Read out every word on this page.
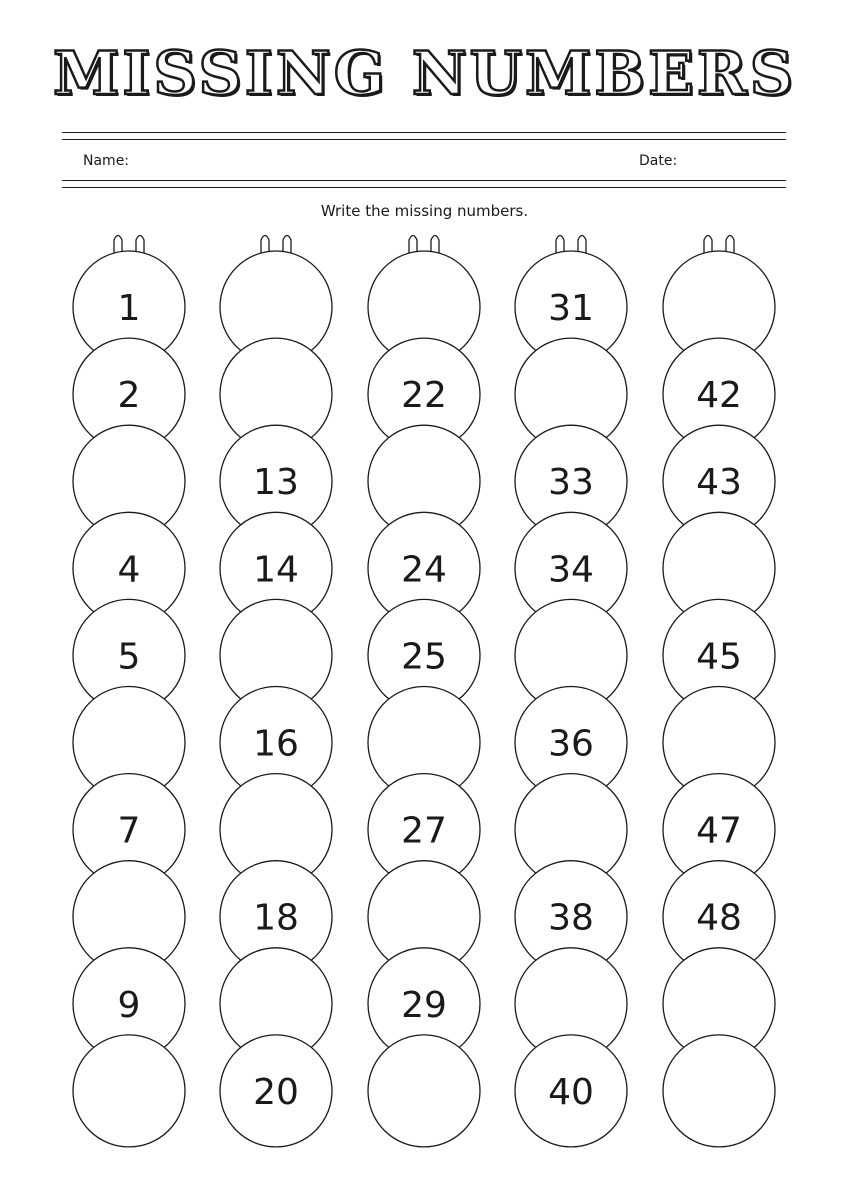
MISSING NUMBERS
Name:	Date:
Write the missing numbers.
1
2
4
5
7
9
13
14
16
18
20
22
24
25
27
29
31
33
34
36
38
40
42
43
45
47
48
